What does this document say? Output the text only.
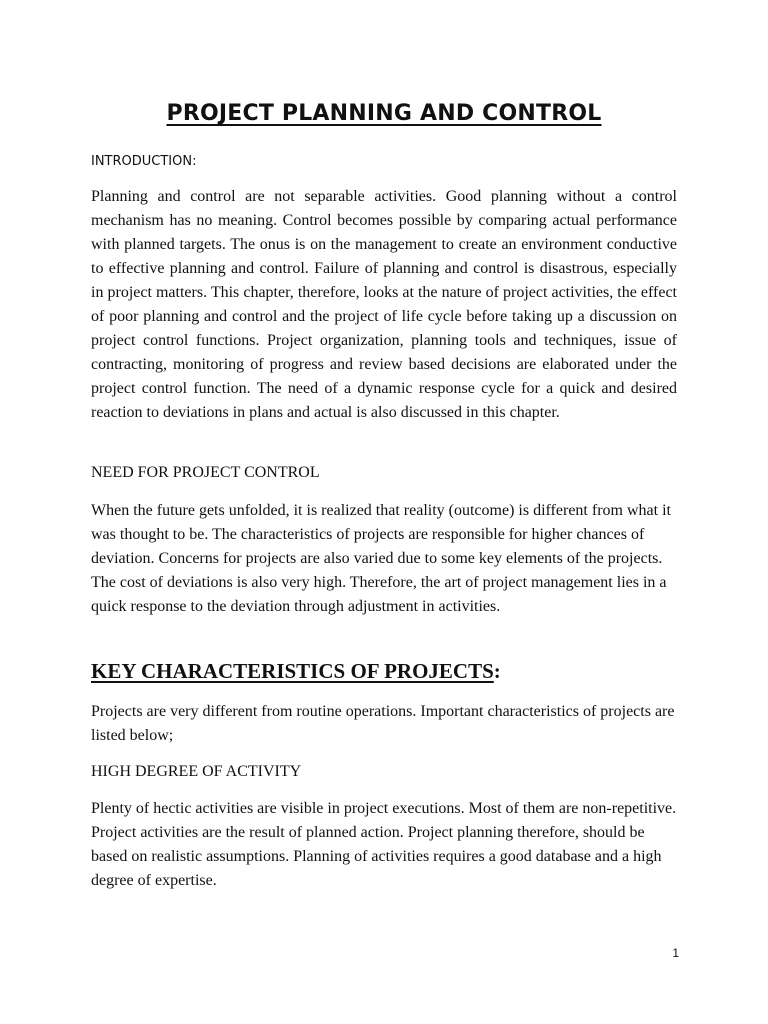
PROJECT PLANNING AND CONTROL
INTRODUCTION:

Planning and control are not separable activities. Good planning without a control mechanism has no meaning. Control becomes possible by comparing actual performance with planned targets. The onus is on the management to create an environment conductive to effective planning and control. Failure of planning and control is disastrous, especially in project matters. This chapter, therefore, looks at the nature of project activities, the effect of poor planning and control and the project of life cycle before taking up a discussion on project control functions. Project organization, planning tools and techniques, issue of contracting, monitoring of progress and review based decisions are elaborated under the project control function. The need of a dynamic response cycle for a quick and desired reaction to deviations in plans and actual is also discussed in this chapter.

NEED FOR PROJECT CONTROL

When the future gets unfolded, it is realized that reality (outcome) is different from what it was thought to be. The characteristics of projects are responsible for higher chances of deviation. Concerns for projects are also varied due to some key elements of the projects. The cost of deviations is also very high. Therefore, the art of project management lies in a quick response to the deviation through adjustment in activities.

KEY CHARACTERISTICS OF PROJECTS:

Projects are very different from routine operations. Important characteristics of projects are listed below;

HIGH DEGREE OF ACTIVITY

Plenty of hectic activities are visible in project executions. Most of them are non-repetitive. Project activities are the result of planned action. Project planning therefore, should be based on realistic assumptions. Planning of activities requires a good database and a high degree of expertise.

1
